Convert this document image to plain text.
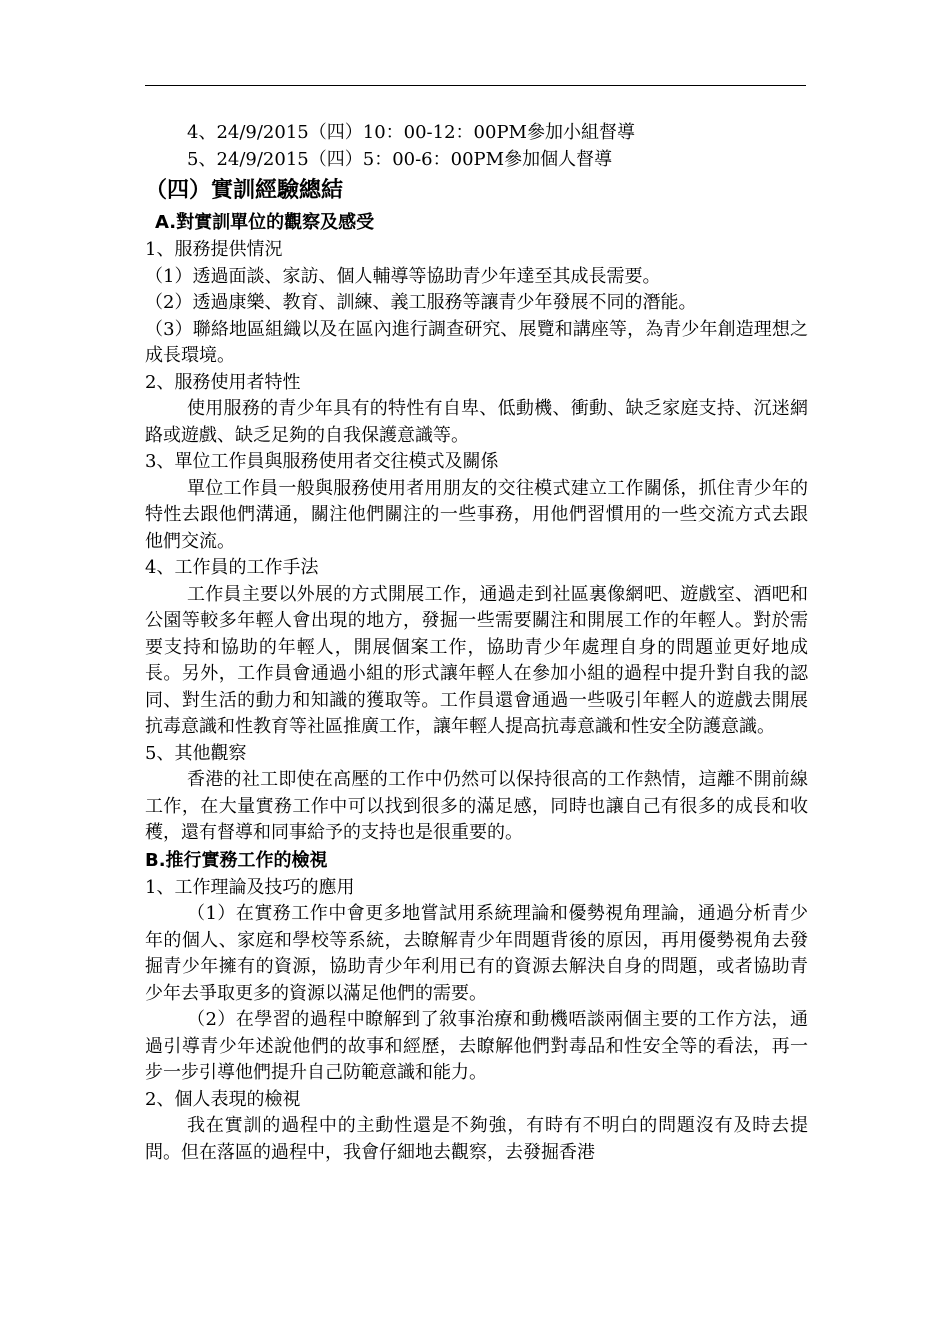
4、24/9/2015（四）10：00-12：00PM參加小組督導

5、24/9/2015（四）5：00-6：00PM參加個人督導

（四）實訓經驗總結

A.對實訓單位的觀察及感受

1、服務提供情況

（1）透過面談、家訪、個人輔導等協助青少年達至其成長需要。

（2）透過康樂、教育、訓練、義工服務等讓青少年發展不同的潛能。

（3）聯絡地區組織以及在區內進行調查研究、展覽和講座等，為青少年創造理想之成長環境。

2、服務使用者特性

使用服務的青少年具有的特性有自卑、低動機、衝動、缺乏家庭支持、沉迷網路或遊戲、缺乏足夠的自我保護意識等。

3、單位工作員與服務使用者交往模式及關係

單位工作員一般與服務使用者用朋友的交往模式建立工作關係，抓住青少年的特性去跟他們溝通，關注他們關注的一些事務，用他們習慣用的一些交流方式去跟他們交流。

4、工作員的工作手法

工作員主要以外展的方式開展工作，通過走到社區裏像網吧、遊戲室、酒吧和公園等較多年輕人會出現的地方，發掘一些需要關注和開展工作的年輕人。對於需要支持和協助的年輕人，開展個案工作，協助青少年處理自身的問題並更好地成長。另外，工作員會通過小組的形式讓年輕人在參加小組的過程中提升對自我的認同、對生活的動力和知識的獲取等。工作員還會通過一些吸引年輕人的遊戲去開展抗毒意識和性教育等社區推廣工作，讓年輕人提高抗毒意識和性安全防護意識。

5、其他觀察

香港的社工即使在高壓的工作中仍然可以保持很高的工作熱情，這離不開前線工作，在大量實務工作中可以找到很多的滿足感，同時也讓自己有很多的成長和收穫，還有督導和同事給予的支持也是很重要的。

B.推行實務工作的檢視

1、工作理論及技巧的應用

（1）在實務工作中會更多地嘗試用系統理論和優勢視角理論，通過分析青少年的個人、家庭和學校等系統，去瞭解青少年問題背後的原因，再用優勢視角去發掘青少年擁有的資源，協助青少年利用已有的資源去解決自身的問題，或者協助青少年去爭取更多的資源以滿足他們的需要。

（2）在學習的過程中瞭解到了敘事治療和動機唔談兩個主要的工作方法，通過引導青少年述說他們的故事和經歷，去瞭解他們對毒品和性安全等的看法，再一步一步引導他們提升自己防範意識和能力。

2、個人表現的檢視

我在實訓的過程中的主動性還是不夠強，有時有不明白的問題沒有及時去提問。但在落區的過程中，我會仔細地去觀察，去發掘香港
